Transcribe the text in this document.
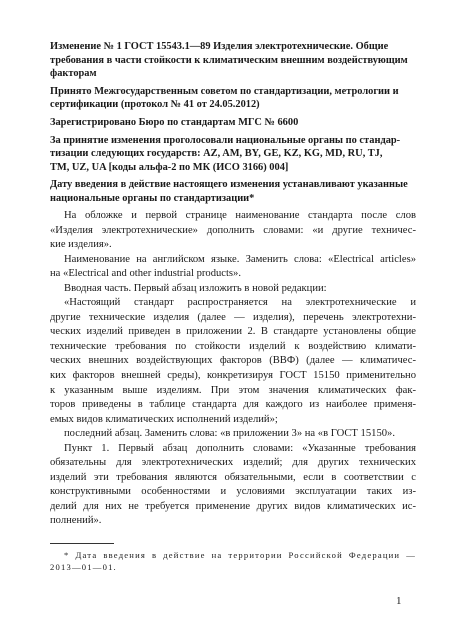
Изменение № 1 ГОСТ 15543.1—89 Изделия электротехнические. Общие
требования в части стойкости к климатическим внешним воздействующим
факторам
Принято Межгосударственным советом по стандартизации, метрологии и
сертификации (протокол № 41 от 24.05.2012)
Зарегистрировано Бюро по стандартам МГС № 6600
За принятие изменения проголосовали национальные органы по стандар-
тизации следующих государств: AZ, AM, BY, GE, KZ, KG, MD, RU, TJ,
TM, UZ, UA [коды альфа-2 по МК (ИСО 3166) 004]
Дату введения в действие настоящего изменения устанавливают указанные
национальные органы по стандартизации*
На обложке и первой странице наименование стандарта после слов
«Изделия электротехнические» дополнить словами: «и другие техничес-
кие изделия».
Наименование на английском языке. Заменить слова: «Electrical articles»
на «Electrical and other industrial products».
Вводная часть. Первый абзац изложить в новой редакции:
«Настоящий стандарт распространяется на электротехнические и
другие технические изделия (далее — изделия), перечень электротехни-
ческих изделий приведен в приложении 2. В стандарте установлены общие
технические требования по стойкости изделий к воздействию климати-
ческих внешних воздействующих факторов (ВВФ) (далее — климатичес-
ких факторов внешней среды), конкретизируя ГОСТ 15150 применительно
к указанным выше изделиям. При этом значения климатических фак-
торов приведены в таблице стандарта для каждого из наиболее применя-
емых видов климатических исполнений изделий»;
последний абзац. Заменить слова: «в приложении 3» на «в ГОСТ 15150».
Пункт 1. Первый абзац дополнить словами: «Указанные требования
обязательны для электротехнических изделий; для других технических
изделий эти требования являются обязательными, если в соответствии с
конструктивными особенностями и условиями эксплуатации таких из-
делий для них не требуется применение других видов климатических ис-
полнений».
* Дата введения в действие на территории Российской Федерации —
2013—01—01.
1
